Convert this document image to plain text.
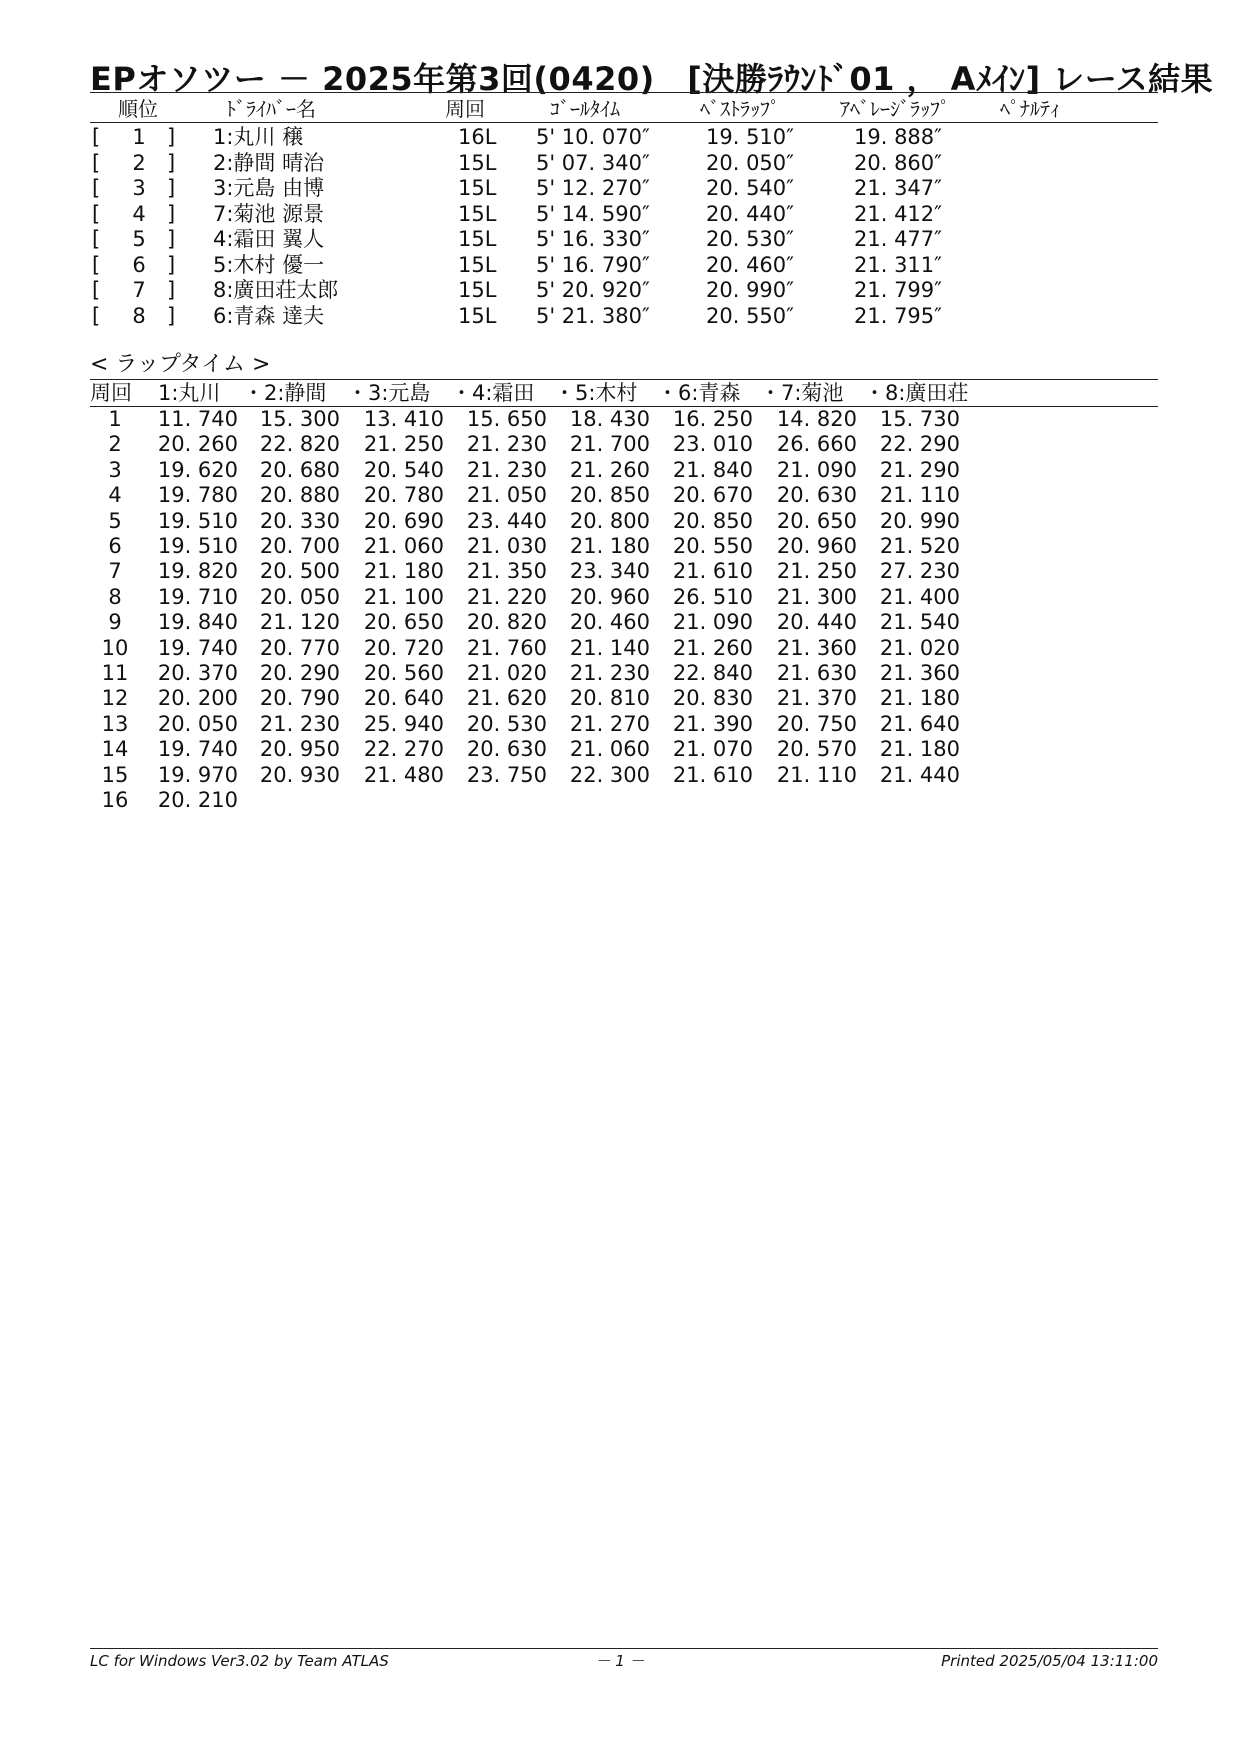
EPオソツー － 2025年第3回(0420)　[決勝ﾗｳﾝﾄﾞ01 ， Aﾒｲﾝ] レース結果
順位	ﾄﾞﾗｲﾊﾞｰ名	周回	ｺﾞｰﾙﾀｲﾑ	ﾍﾞｽﾄﾗｯﾌﾟ	ｱﾍﾞﾚｰｼﾞﾗｯﾌﾟ	ﾍﾟﾅﾙﾃｨ
[	1	] 1:丸川 穣	16L 5' 10. 070″	19. 510″	19. 888″
[	2	] 2:静間 晴治	15L 5' 07. 340″	20. 050″	20. 860″
[	3	] 3:元島 由博	15L 5' 12. 270″	20. 540″	21. 347″
[	4	] 7:菊池 源景	15L 5' 14. 590″	20. 440″	21. 412″
[	5	] 4:霜田 翼人	15L 5' 16. 330″	20. 530″	21. 477″
[	6	] 5:木村 優一	15L 5' 16. 790″	20. 460″	21. 311″
[	7	] 8:廣田荘太郎	15L 5' 20. 920″	20. 990″	21. 799″
[	8	] 6:青森 達夫	15L 5' 21. 380″	20. 550″	21. 795″
< ラップタイム >
周回 1:丸川 ・2:静間 ・3:元島 ・4:霜田 ・5:木村 ・6:青森 ・7:菊池 ・8:廣田荘
1	11. 740	15. 300	13. 410	15. 650	18. 430	16. 250	14. 820	15. 730
2	20. 260	22. 820	21. 250	21. 230	21. 700	23. 010	26. 660	22. 290
3	19. 620	20. 680	20. 540	21. 230	21. 260	21. 840	21. 090	21. 290
4	19. 780	20. 880	20. 780	21. 050	20. 850	20. 670	20. 630	21. 110
5	19. 510	20. 330	20. 690	23. 440	20. 800	20. 850	20. 650	20. 990
6	19. 510	20. 700	21. 060	21. 030	21. 180	20. 550	20. 960	21. 520
7	19. 820	20. 500	21. 180	21. 350	23. 340	21. 610	21. 250	27. 230
8	19. 710	20. 050	21. 100	21. 220	20. 960	26. 510	21. 300	21. 400
9	19. 840	21. 120	20. 650	20. 820	20. 460	21. 090	20. 440	21. 540
10	19. 740	20. 770	20. 720	21. 760	21. 140	21. 260	21. 360	21. 020
11	20. 370	20. 290	20. 560	21. 020	21. 230	22. 840	21. 630	21. 360
12	20. 200	20. 790	20. 640	21. 620	20. 810	20. 830	21. 370	21. 180
13	20. 050	21. 230	25. 940	20. 530	21. 270	21. 390	20. 750	21. 640
14	19. 740	20. 950	22. 270	20. 630	21. 060	21. 070	20. 570	21. 180
15	19. 970	20. 930	21. 480	23. 750	22. 300	21. 610	21. 110	21. 440
16	20. 210
LC for Windows Ver3.02 by Team ATLAS	－ 1 －	Printed 2025/05/04 13:11:00
